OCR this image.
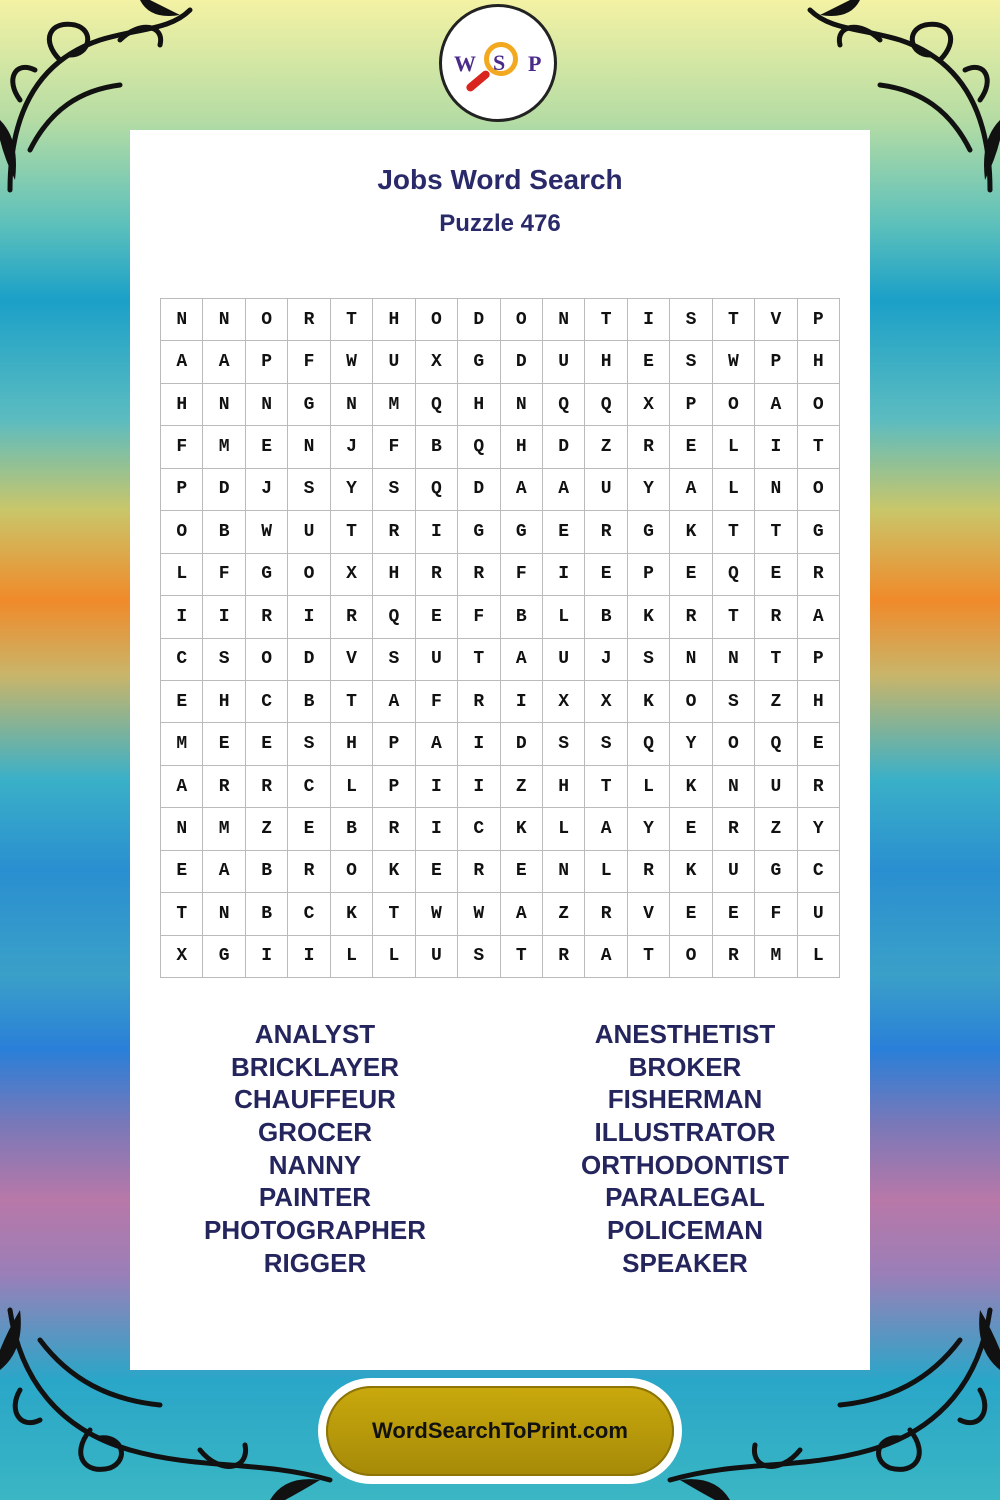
W S P
Jobs Word Search
Puzzle 476
N	N	O	R	T	H	O	D	O	N	T	I	S	T	V	P
A	A	P	F	W	U	X	G	D	U	H	E	S	W	P	H
H	N	N	G	N	M	Q	H	N	Q	Q	X	P	O	A	O
F	M	E	N	J	F	B	Q	H	D	Z	R	E	L	I	T
P	D	J	S	Y	S	Q	D	A	A	U	Y	A	L	N	O
O	B	W	U	T	R	I	G	G	E	R	G	K	T	T	G
L	F	G	O	X	H	R	R	F	I	E	P	E	Q	E	R
I	I	R	I	R	Q	E	F	B	L	B	K	R	T	R	A
C	S	O	D	V	S	U	T	A	U	J	S	N	N	T	P
E	H	C	B	T	A	F	R	I	X	X	K	O	S	Z	H
M	E	E	S	H	P	A	I	D	S	S	Q	Y	O	Q	E
A	R	R	C	L	P	I	I	Z	H	T	L	K	N	U	R
N	M	Z	E	B	R	I	C	K	L	A	Y	E	R	Z	Y
E	A	B	R	O	K	E	R	E	N	L	R	K	U	G	C
T	N	B	C	K	T	W	W	A	Z	R	V	E	E	F	U
X	G	I	I	L	L	U	S	T	R	A	T	O	R	M	L
ANALYST
BRICKLAYER
CHAUFFEUR
GROCER
NANNY
PAINTER
PHOTOGRAPHER
RIGGER
ANESTHETIST
BROKER
FISHERMAN
ILLUSTRATOR
ORTHODONTIST
PARALEGAL
POLICEMAN
SPEAKER
WordSearchToPrint.com
